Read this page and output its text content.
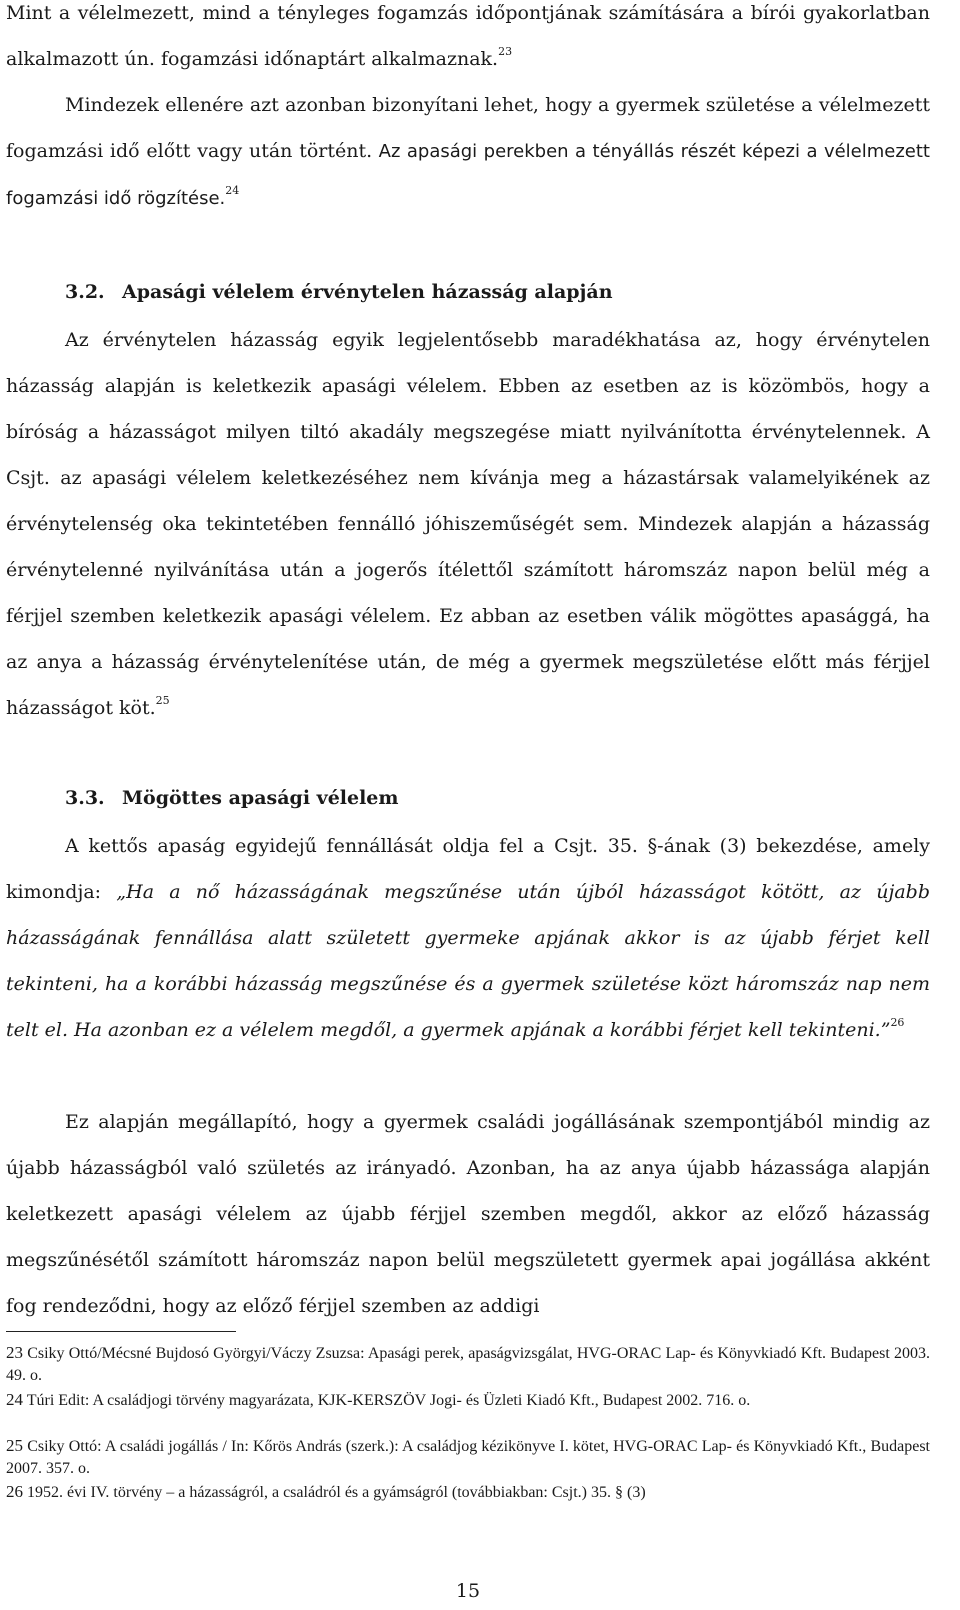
Mint a vélelmezett, mind a tényleges fogamzás időpontjának számítására a bírói gyakorlatban alkalmazott ún. fogamzási időnaptárt alkalmaznak.$^{23}$

Mindezek ellenére azt azonban bizonyítani lehet, hogy a gyermek születése a vélelmezett fogamzási idő előtt vagy után történt. Az apasági perekben a tényállás részét képezi a vélelmezett fogamzási idő rögzítése.$^{24}$

3.2. Apasági vélelem érvénytelen házasság alapján

Az érvénytelen házasság egyik legjelentősebb maradékhatása az, hogy érvénytelen házasság alapján is keletkezik apasági vélelem. Ebben az esetben az is közömbös, hogy a bíróság a házasságot milyen tiltó akadály megszegése miatt nyilvánította érvénytelennek. A Csjt. az apasági vélelem keletkezéséhez nem kívánja meg a házastársak valamelyikének az érvénytelenség oka tekintetében fennálló jóhiszeműségét sem. Mindezek alapján a házasság érvénytelenné nyilvánítása után a jogerős ítélettől számított háromszáz napon belül még a férjjel szemben keletkezik apasági vélelem. Ez abban az esetben válik mögöttes apasággá, ha az anya a házasság érvénytelenítése után, de még a gyermek megszületése előtt más férjjel házasságot köt.$^{25}$

3.3. Mögöttes apasági vélelem

A kettős apaság egyidejű fennállását oldja fel a Csjt. 35. §-ának (3) bekezdése, amely kimondja: „Ha a nő házasságának megszűnése után újból házasságot kötött, az újabb házasságának fennállása alatt született gyermeke apjának akkor is az újabb férjet kell tekinteni, ha a korábbi házasság megszűnése és a gyermek születése közt háromszáz nap nem telt el. Ha azonban ez a vélelem megdől, a gyermek apjának a korábbi férjet kell tekinteni.”$^{26}$

Ez alapján megállapító, hogy a gyermek családi jogállásának szempontjából mindig az újabb házasságból való születés az irányadó. Azonban, ha az anya újabb házassága alapján keletkezett apasági vélelem az újabb férjjel szemben megdől, akkor az előző házasság megszűnésétől számított háromszáz napon belül megszületett gyermek apai jogállása akként fog rendeződni, hogy az előző férjjel szemben az addigi

23 Csiky Ottó/Mécsné Bujdosó Györgyi/Váczy Zsuzsa: Apasági perek, apaságvizsgálat, HVG-ORAC Lap- és Könyvkiadó Kft. Budapest 2003. 49. o.

24 Túri Edit: A családjogi törvény magyarázata, KJK-KERSZÖV Jogi- és Üzleti Kiadó Kft., Budapest 2002. 716. o.

25 Csiky Ottó: A családi jogállás / In: Kőrös András (szerk.): A családjog kézikönyve I. kötet, HVG-ORAC Lap- és Könyvkiadó Kft., Budapest 2007. 357. o.

26 1952. évi IV. törvény – a házasságról, a családról és a gyámságról (továbbiakban: Csjt.) 35. § (3)

15
